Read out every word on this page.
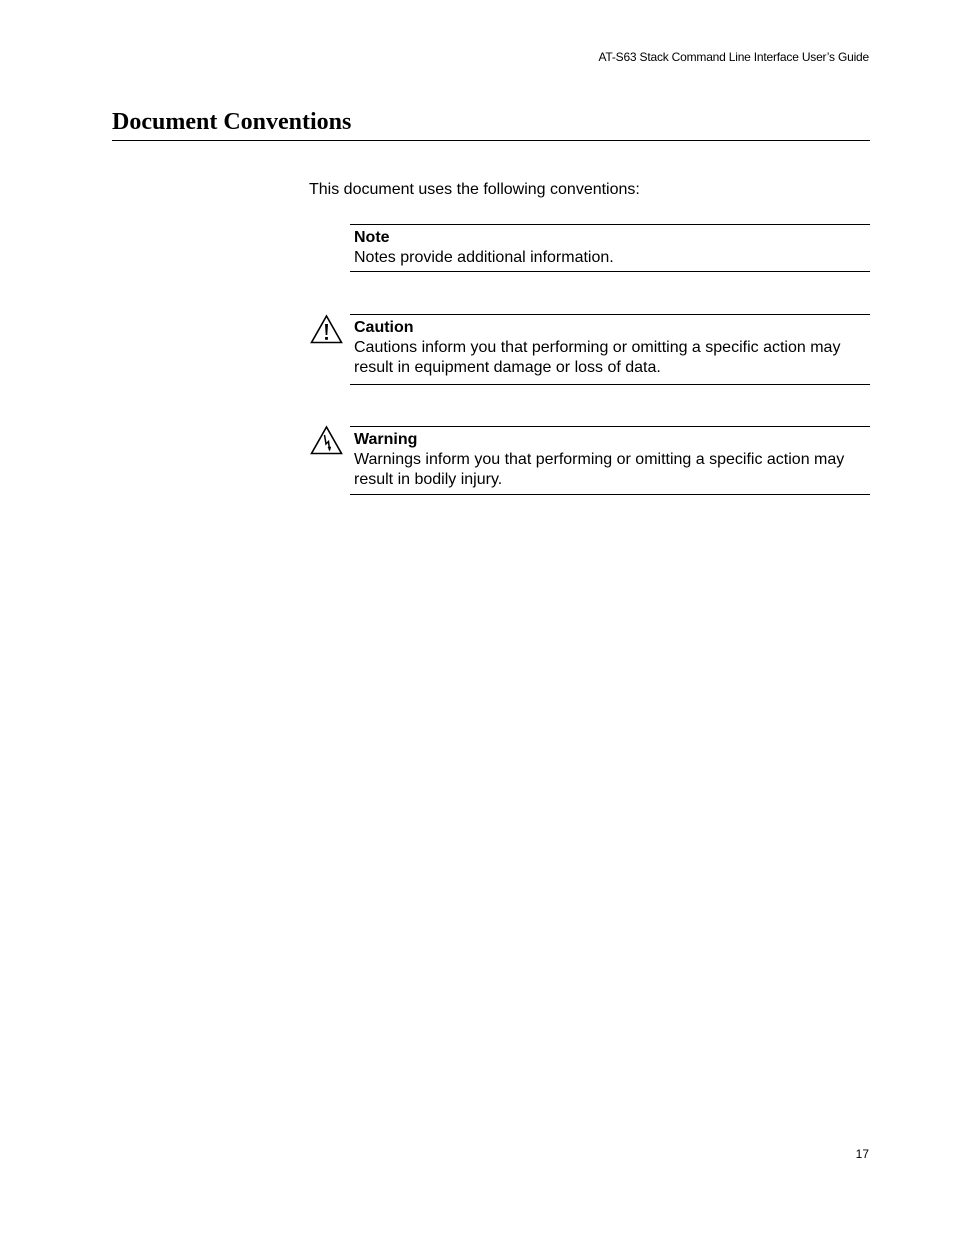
AT-S63 Stack Command Line Interface User’s Guide
Document Conventions
This document uses the following conventions:
Note
Notes provide additional information.
Caution
Cautions inform you that performing or omitting a specific action may result in equipment damage or loss of data.
Warning
Warnings inform you that performing or omitting a specific action may result in bodily injury.
17
